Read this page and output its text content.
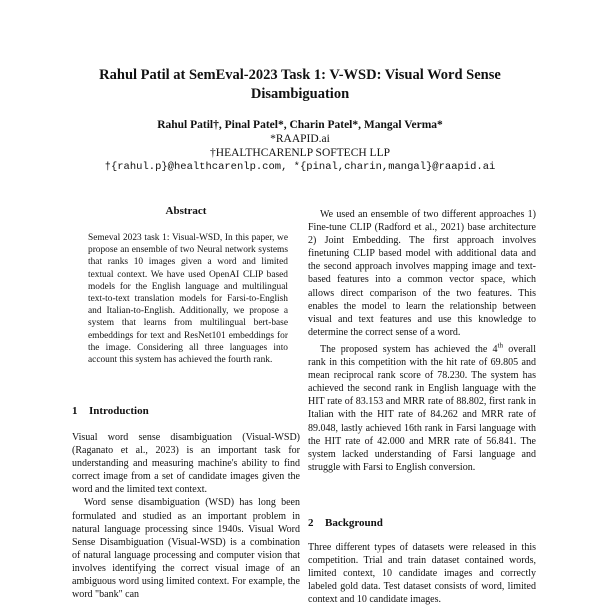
Rahul Patil at SemEval-2023 Task 1: V-WSD: Visual Word Sense Disambiguation
Rahul Patil†, Pinal Patel*, Charin Patel*, Mangal Verma*
*RAAPID.ai
†HEALTHCARENLP SOFTECH LLP
†{rahul.p}@healthcarenlp.com, *{pinal,charin,mangal}@raapid.ai
Abstract
Semeval 2023 task 1: Visual-WSD, In this paper, we propose an ensemble of two Neural network systems that ranks 10 images given a word and limited textual context. We have used OpenAI CLIP based models for the English language and multilingual text-to-text translation models for Farsi-to-English and Italian-to-English. Additionally, we propose a system that learns from multilingual bert-base embeddings for text and ResNet101 embeddings for the image. Considering all three languages into account this system has achieved the fourth rank.
1 Introduction

Visual word sense disambiguation (Visual-WSD) (Raganato et al., 2023) is an important task for understanding and measuring machine's ability to find correct image from a set of candidate images given the word and the limited text context.

Word sense disambiguation (WSD) has long been formulated and studied as an important problem in natural language processing since 1940s. Visual Word Sense Disambiguation (Visual-WSD) is a combination of natural language processing and computer vision that involves identifying the correct visual image of an ambiguous word using limited context. For example, the word "bank" can

We used an ensemble of two different approaches 1) Fine-tune CLIP (Radford et al., 2021) base architecture 2) Joint Embedding. The first approach involves finetuning CLIP based model with additional data and the second approach involves mapping image and text-based features into a common vector space, which allows direct comparison of the two features. This enables the model to learn the relationship between visual and text features and use this knowledge to determine the correct sense of a word.

The proposed system has achieved the 4th overall rank in this competition with the hit rate of 69.805 and mean reciprocal rank score of 78.230. The system has achieved the second rank in English language with the HIT rate of 83.153 and MRR rate of 88.802, first rank in Italian with the HIT rate of 84.262 and MRR rate of 89.048, lastly achieved 16th rank in Farsi language with the HIT rate of 42.000 and MRR rate of 56.841. The system lacked understanding of Farsi language and struggle with Farsi to English conversion.

2 Background

Three different types of datasets were released in this competition. Trial and train dataset contained words, limited context, 10 candidate images and correctly labeled gold data. Test dataset consists of word, limited context and 10 candidate images.
